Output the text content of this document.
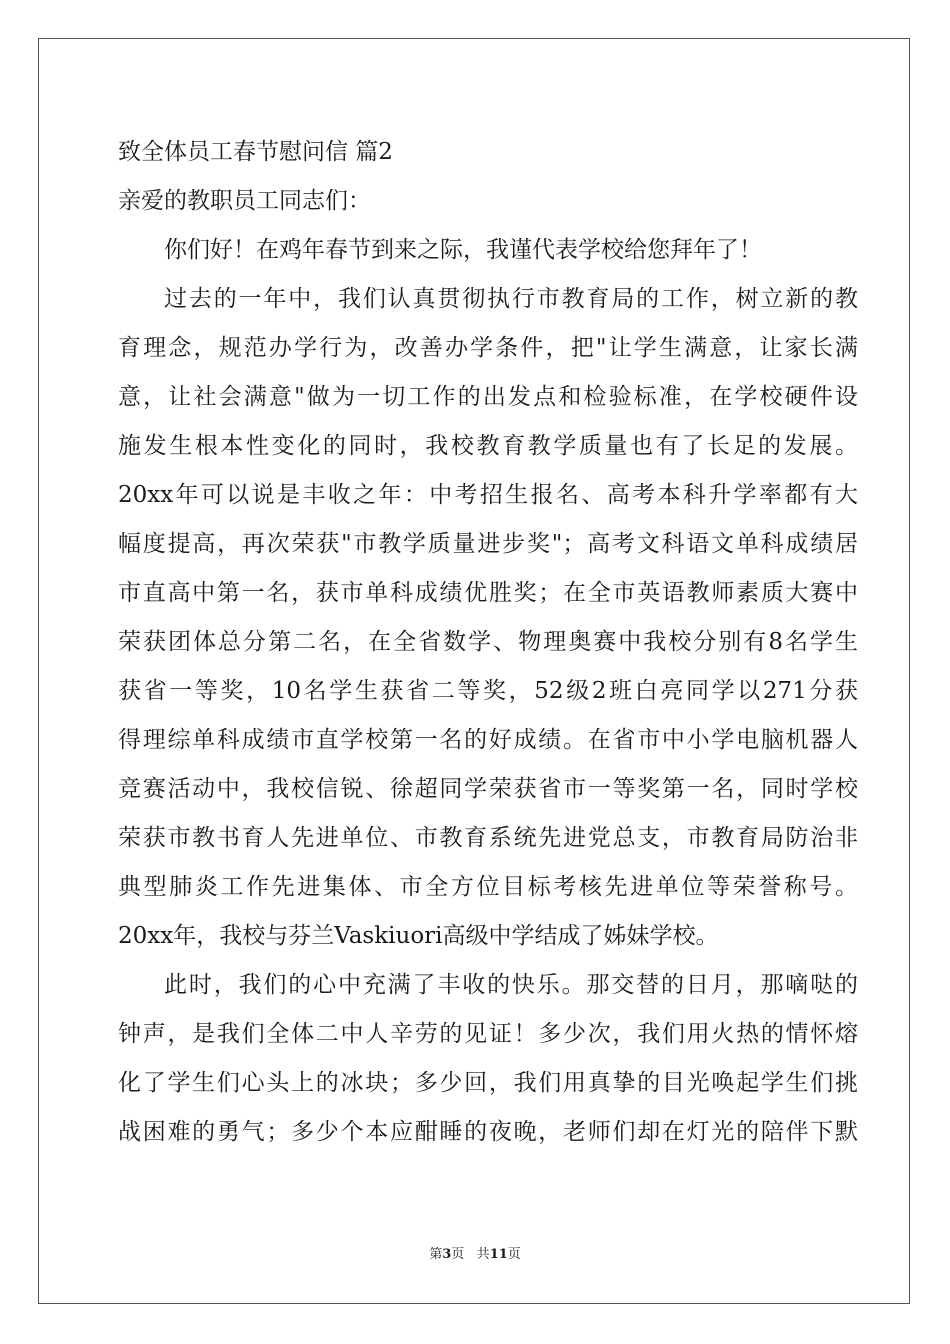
致全体员工春节慰问信 篇2
亲爱的教职员工同志们：
你们好！在鸡年春节到来之际，我谨代表学校给您拜年了！
过去的一年中，我们认真贯彻执行市教育局的工作，树立新的教
育理念，规范办学行为，改善办学条件，把"让学生满意，让家长满
意，让社会满意"做为一切工作的出发点和检验标准，在学校硬件设
施发生根本性变化的同时，我校教育教学质量也有了长足的发展。
20xx年可以说是丰收之年：中考招生报名、高考本科升学率都有大
幅度提高，再次荣获"市教学质量进步奖"；高考文科语文单科成绩居
市直高中第一名，获市单科成绩优胜奖；在全市英语教师素质大赛中
荣获团体总分第二名，在全省数学、物理奥赛中我校分别有8名学生
获省一等奖，10名学生获省二等奖，52级2班白亮同学以271分获
得理综单科成绩市直学校第一名的好成绩。在省市中小学电脑机器人
竞赛活动中，我校信锐、徐超同学荣获省市一等奖第一名，同时学校
荣获市教书育人先进单位、市教育系统先进党总支，市教育局防治非
典型肺炎工作先进集体、市全方位目标考核先进单位等荣誉称号。
20xx年，我校与芬兰Vaskiuori高级中学结成了姊妹学校。
此时，我们的心中充满了丰收的快乐。那交替的日月，那嘀哒的
钟声，是我们全体二中人辛劳的见证！多少次，我们用火热的情怀熔
化了学生们心头上的冰块；多少回，我们用真挚的目光唤起学生们挑
战困难的勇气；多少个本应酣睡的夜晚，老师们却在灯光的陪伴下默
第3页 共11页
